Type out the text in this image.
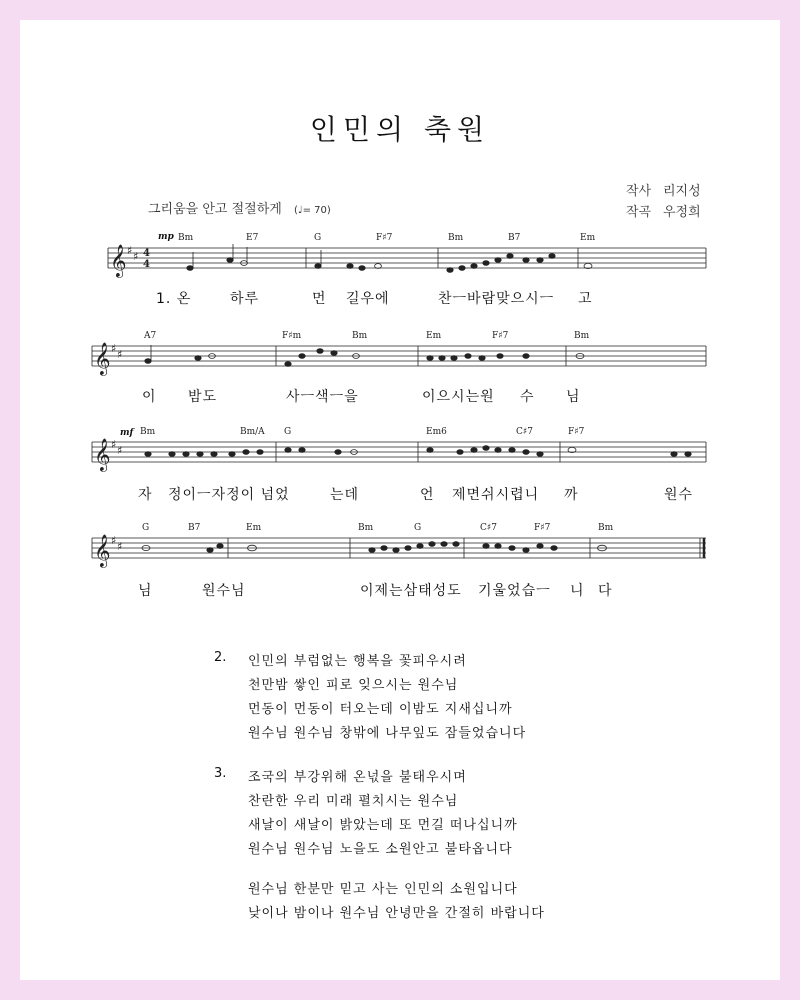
인민의 축원
작사 리지성
작곡 우정희
그리움을 안고 절절하게 (♩= 70)
𝄞 ♯ ♯ 4
4
𝄞 ♯ ♯
𝄞 ♯ ♯
𝄞 ♯ ♯
mp
mf
Bm	E7	G	F♯7	Bm	B7	Em
A7	F♯m	Bm	Em	F♯7	Bm
Bm	Bm/A G	Em6	C♯7	F♯7
G	B7	Em	Bm	G	C♯7	F♯7	Bm
1. 온	하루	먼 길우에	찬ㅡ바람맞으시ㅡ 고
이 밤도	사ㅡ색ㅡ을	이으시는원 수 님
자 정이ㅡ자정이 넘었	는데	언 제면쉬시렵니 까	원수
님	원수님	이제는삼태성도 기울었습ㅡ 니 다
2. 인민의 부럼없는 행복을 꽃피우시려
천만밤 쌓인 피로 잊으시는 원수님
먼동이 먼동이 터오는데 이밤도 지새십니까
원수님 원수님 창밖에 나무잎도 잠들었습니다
3. 조국의 부강위해 온넋을 불태우시며
찬란한 우리 미래 펼치시는 원수님
새날이 새날이 밝았는데 또 먼길 떠나십니까
원수님 원수님 노을도 소원안고 불타옵니다
원수님 한분만 믿고 사는 인민의 소원입니다
낮이나 밤이나 원수님 안녕만을 간절히 바랍니다
